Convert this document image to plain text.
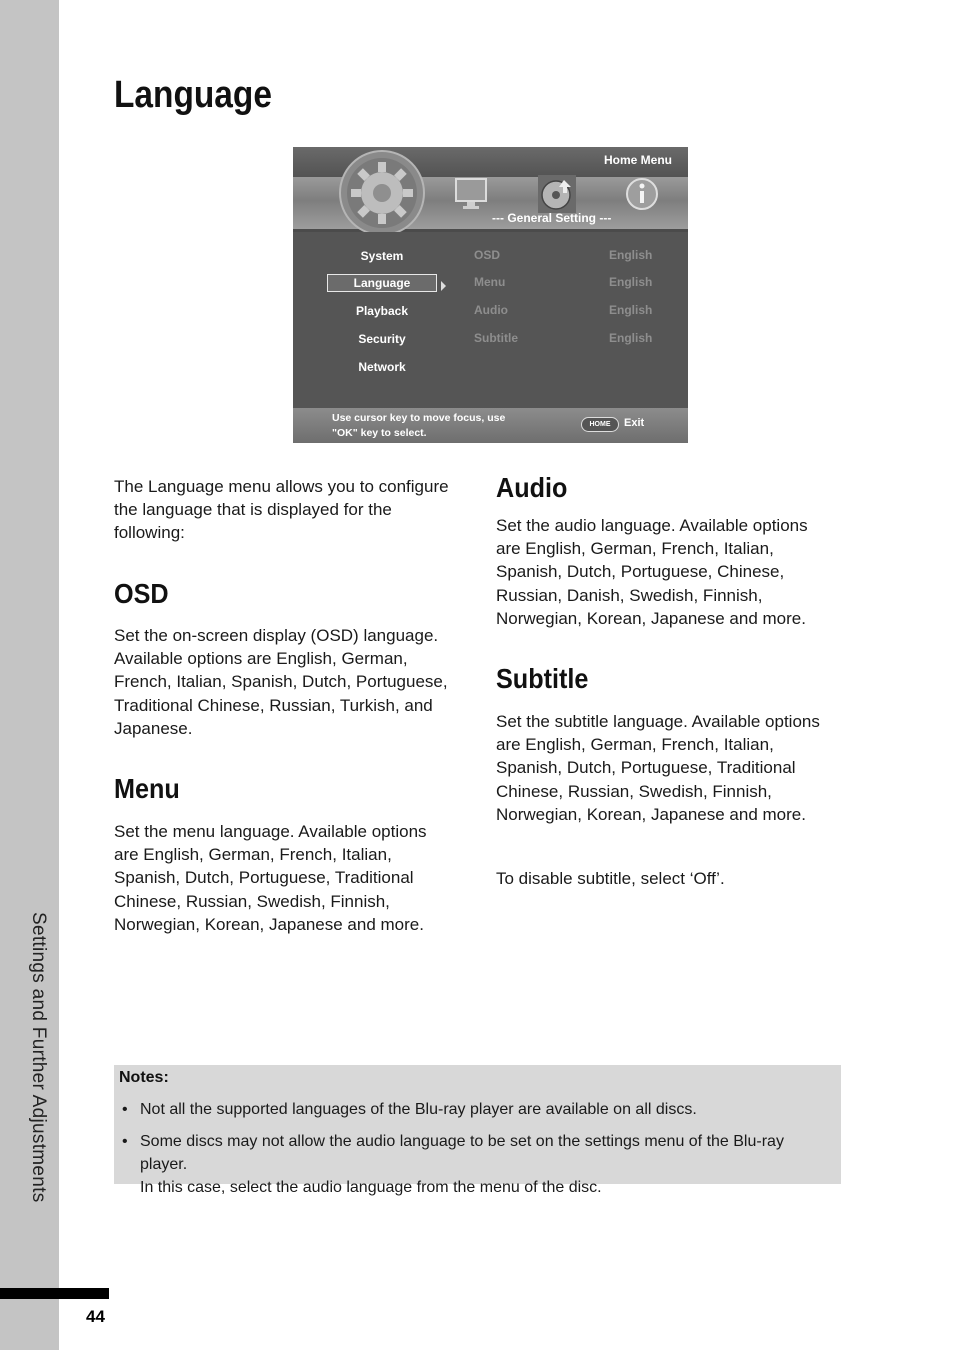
Settings and Further Adjustments
44
Language
Home Menu
--- General Setting ---
System
Language
Playback
Security
Network
OSD
Menu
Audio
Subtitle
English
English
English
English
Use cursor key to move focus, use
"OK" key to select.
HOME	Exit

The Language menu allows you to configure

the language that is displayed for the

following:

OSD

Set the on-screen display (OSD) language.

Available options are English, German,

French, Italian, Spanish, Dutch, Portuguese,

Traditional Chinese, Russian, Turkish, and

Japanese.

Menu

Set the menu language. Available options

are English, German, French, Italian,

Spanish, Dutch, Portuguese, Traditional

Chinese, Russian, Swedish, Finnish,

Norwegian, Korean, Japanese and more.

Audio

Set the audio language. Available options

are English, German, French, Italian,

Spanish, Dutch, Portuguese, Chinese,

Russian, Danish, Swedish, Finnish,

Norwegian, Korean, Japanese and more.

Subtitle

Set the subtitle language. Available options

are English, German, French, Italian,

Spanish, Dutch, Portuguese, Traditional

Chinese, Russian, Swedish, Finnish,

Norwegian, Korean, Japanese and more.

To disable subtitle, select ‘Off’.
Notes:
• Not all the supported languages of the Blu-ray player are available on all discs.
• Some discs may not allow the audio language to be set on the settings menu of the Blu-ray player.
In this case, select the audio language from the menu of the disc.
